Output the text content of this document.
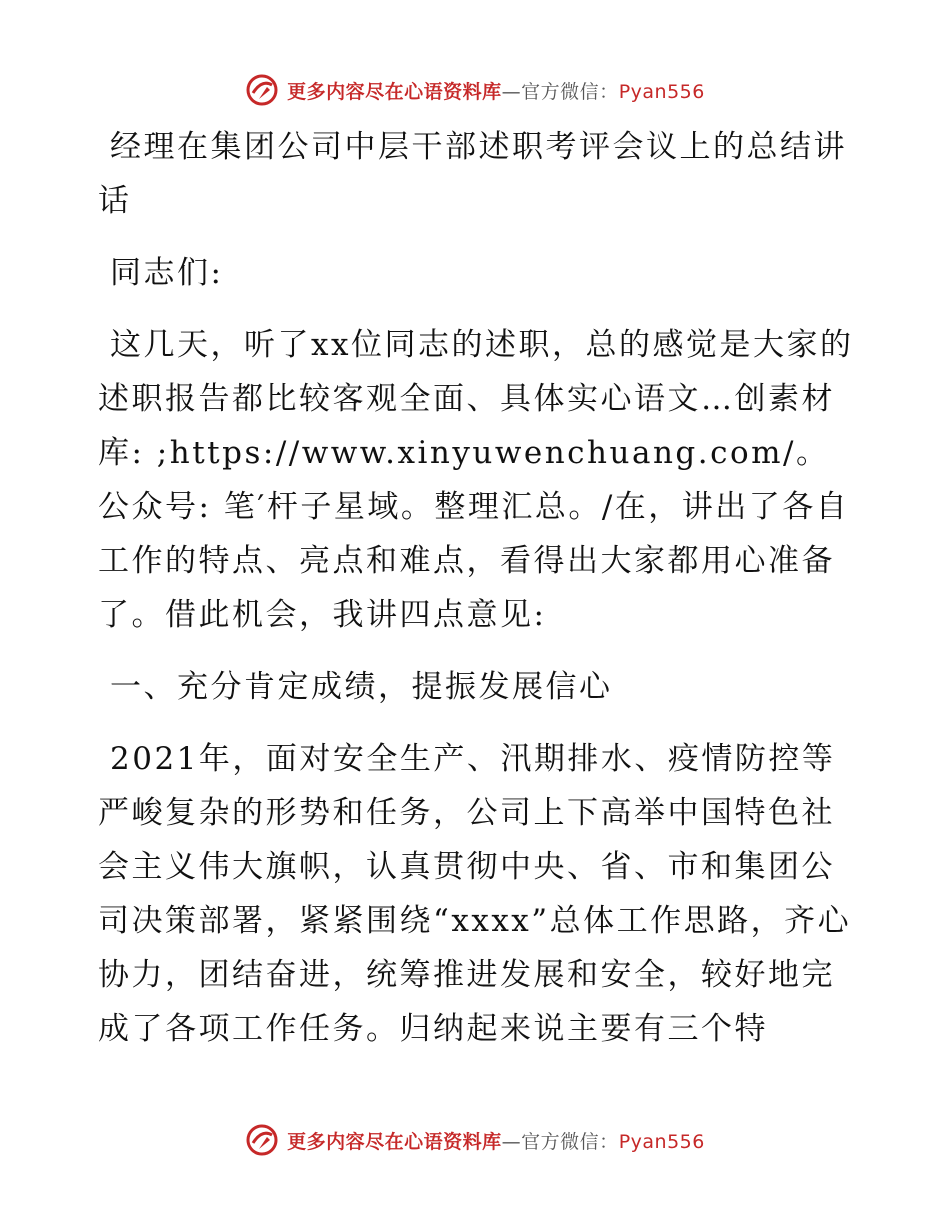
更多内容尽在心语资料库—官方微信：Pyan556

经理在集团公司中层干部述职考评会议上的总结讲话

同志们:

这几天，听了xx位同志的述职，总的感觉是大家的述职报告都比较客观全面、具体实心语文…创素材库: ;https://www.xinyuwenchuang.com/。公众号: 笔′杆子星域。整理汇总。/在，讲出了各自工作的特点、亮点和难点，看得出大家都用心准备了。借此机会，我讲四点意见:

一、充分肯定成绩，提振发展信心

2021年，面对安全生产、汛期排水、疫情防控等严峻复杂的形势和任务，公司上下高举中国特色社会主义伟大旗帜，认真贯彻中央、省、市和集团公司决策部署，紧紧围绕“xxxx”总体工作思路，齐心协力，团结奋进，统筹推进发展和安全，较好地完成了各项工作任务。归纳起来说主要有三个特

更多内容尽在心语资料库—官方微信：Pyan556
